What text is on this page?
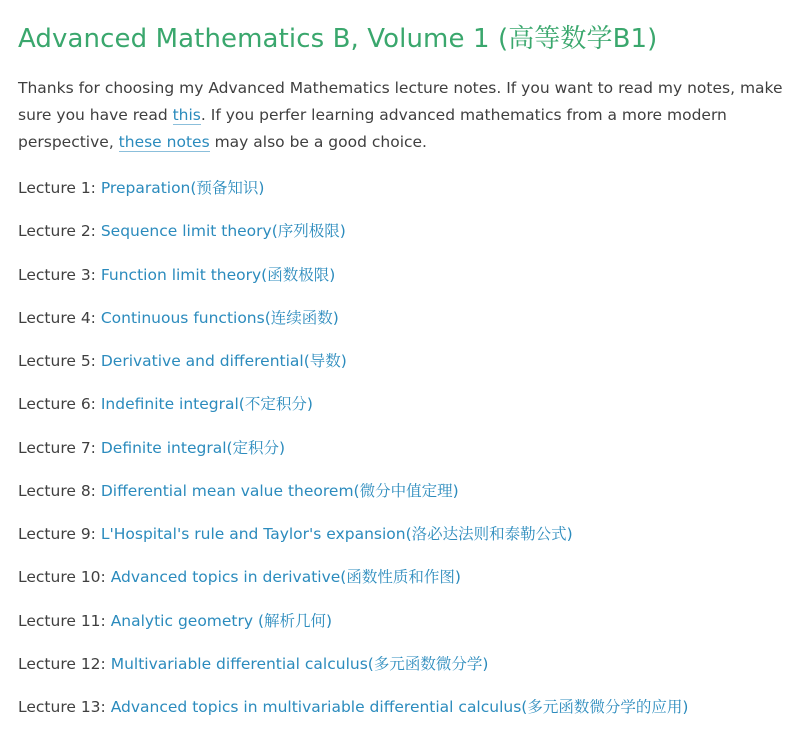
Advanced Mathematics B, Volume 1 (高等数学B1)

Thanks for choosing my Advanced Mathematics lecture notes. If you want to read my notes, make sure you have read this. If you perfer learning advanced mathematics from a more modern perspective, these notes may also be a good choice.

Lecture 1: Preparation(预备知识)
Lecture 2: Sequence limit theory(序列极限)
Lecture 3: Function limit theory(函数极限)
Lecture 4: Continuous functions(连续函数)
Lecture 5: Derivative and differential(导数)
Lecture 6: Indefinite integral(不定积分)
Lecture 7: Definite integral(定积分)
Lecture 8: Differential mean value theorem(微分中值定理)
Lecture 9: L'Hospital's rule and Taylor's expansion(洛必达法则和泰勒公式)
Lecture 10: Advanced topics in derivative(函数性质和作图)
Lecture 11: Analytic geometry (解析几何)
Lecture 12: Multivariable differential calculus(多元函数微分学)
Lecture 13: Advanced topics in multivariable differential calculus(多元函数微分学的应用)
